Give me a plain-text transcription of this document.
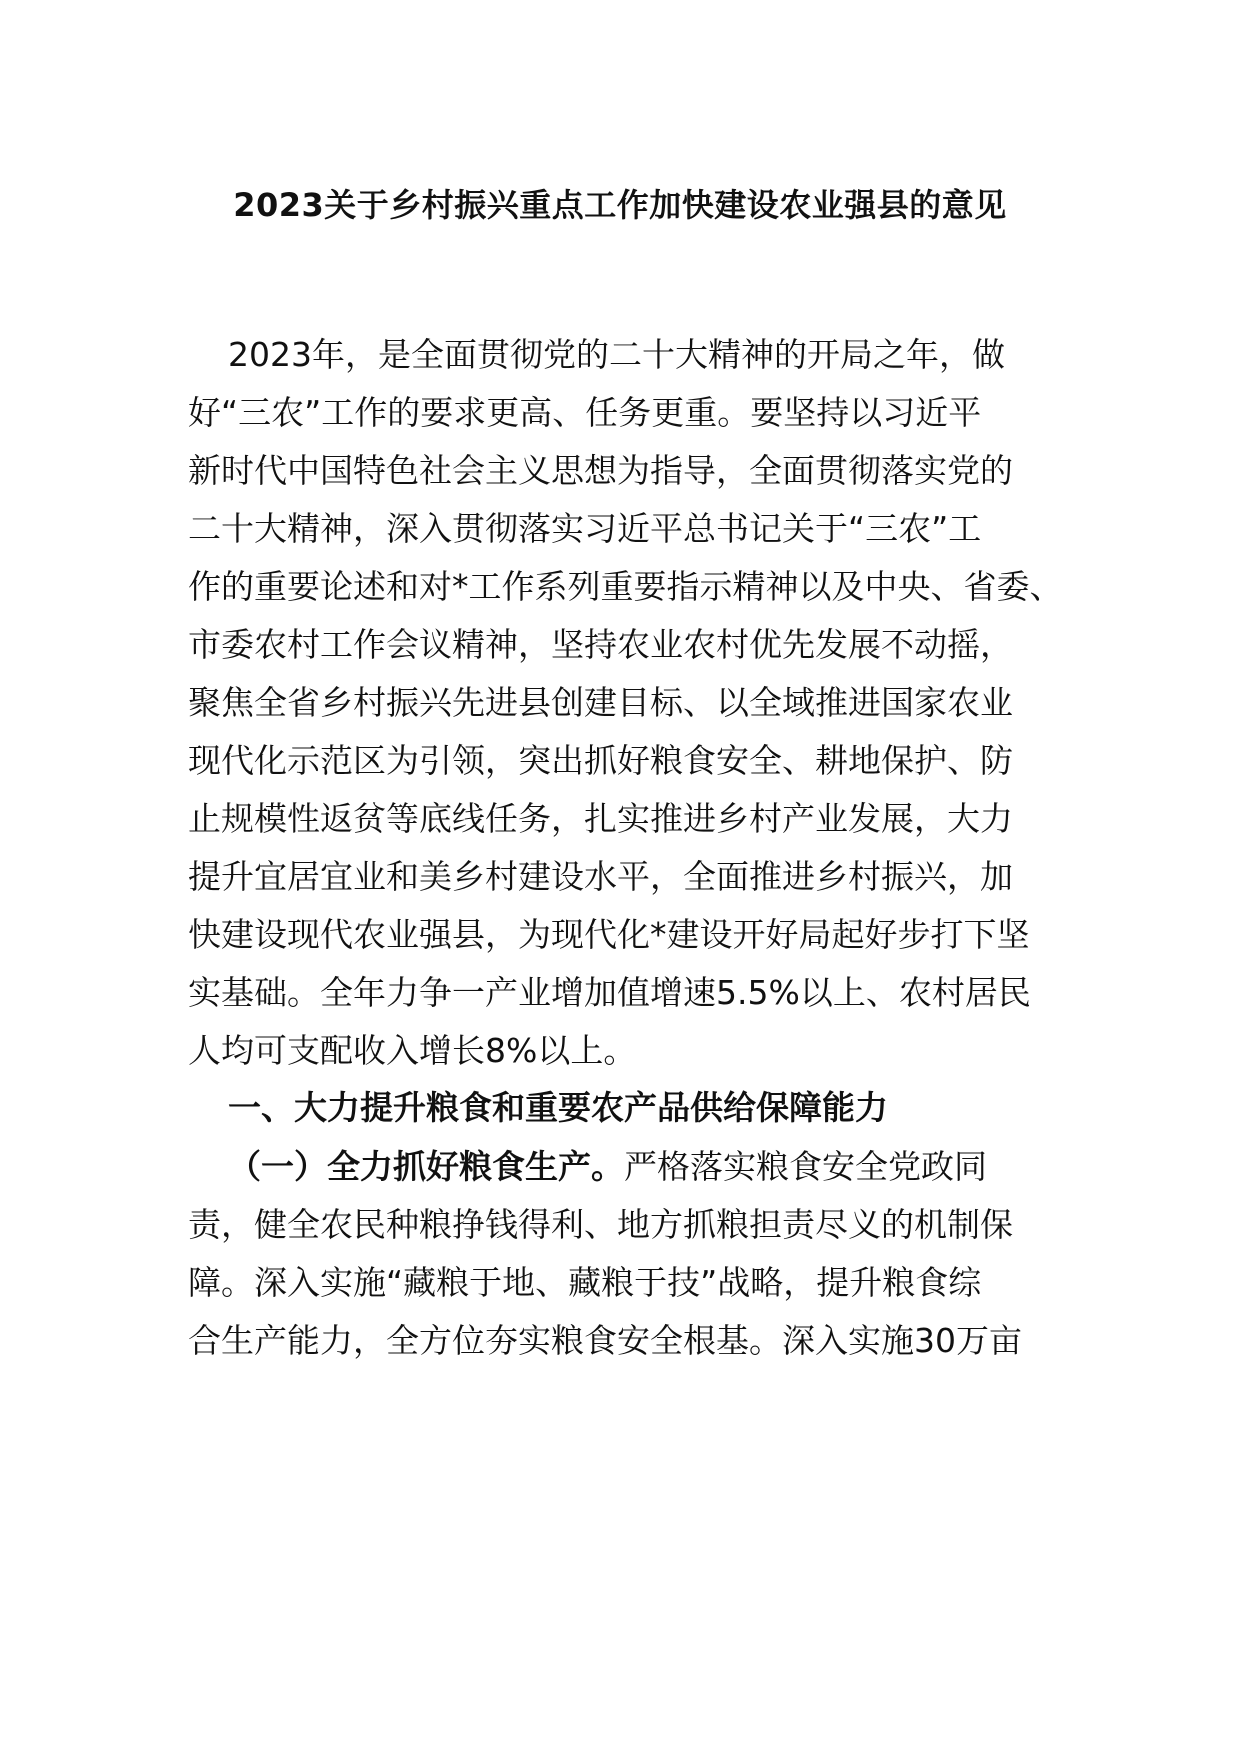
2023关于乡村振兴重点工作加快建设农业强县的意见
2023年，是全面贯彻党的二十大精神的开局之年，做
好“三农”工作的要求更高、任务更重。要坚持以习近平
新时代中国特色社会主义思想为指导，全面贯彻落实党的
二十大精神，深入贯彻落实习近平总书记关于“三农”工
作的重要论述和对*工作系列重要指示精神以及中央、省委、
市委农村工作会议精神，坚持农业农村优先发展不动摇，
聚焦全省乡村振兴先进县创建目标、以全域推进国家农业
现代化示范区为引领，突出抓好粮食安全、耕地保护、防
止规模性返贫等底线任务，扎实推进乡村产业发展，大力
提升宜居宜业和美乡村建设水平，全面推进乡村振兴，加
快建设现代农业强县，为现代化*建设开好局起好步打下坚
实基础。全年力争一产业增加值增速5.5%以上、农村居民
人均可支配收入增长8%以上。
一、大力提升粮食和重要农产品供给保障能力
（一）全力抓好粮食生产。严格落实粮食安全党政同
责，健全农民种粮挣钱得利、地方抓粮担责尽义的机制保
障。深入实施“藏粮于地、藏粮于技”战略，提升粮食综
合生产能力，全方位夯实粮食安全根基。深入实施30万亩
